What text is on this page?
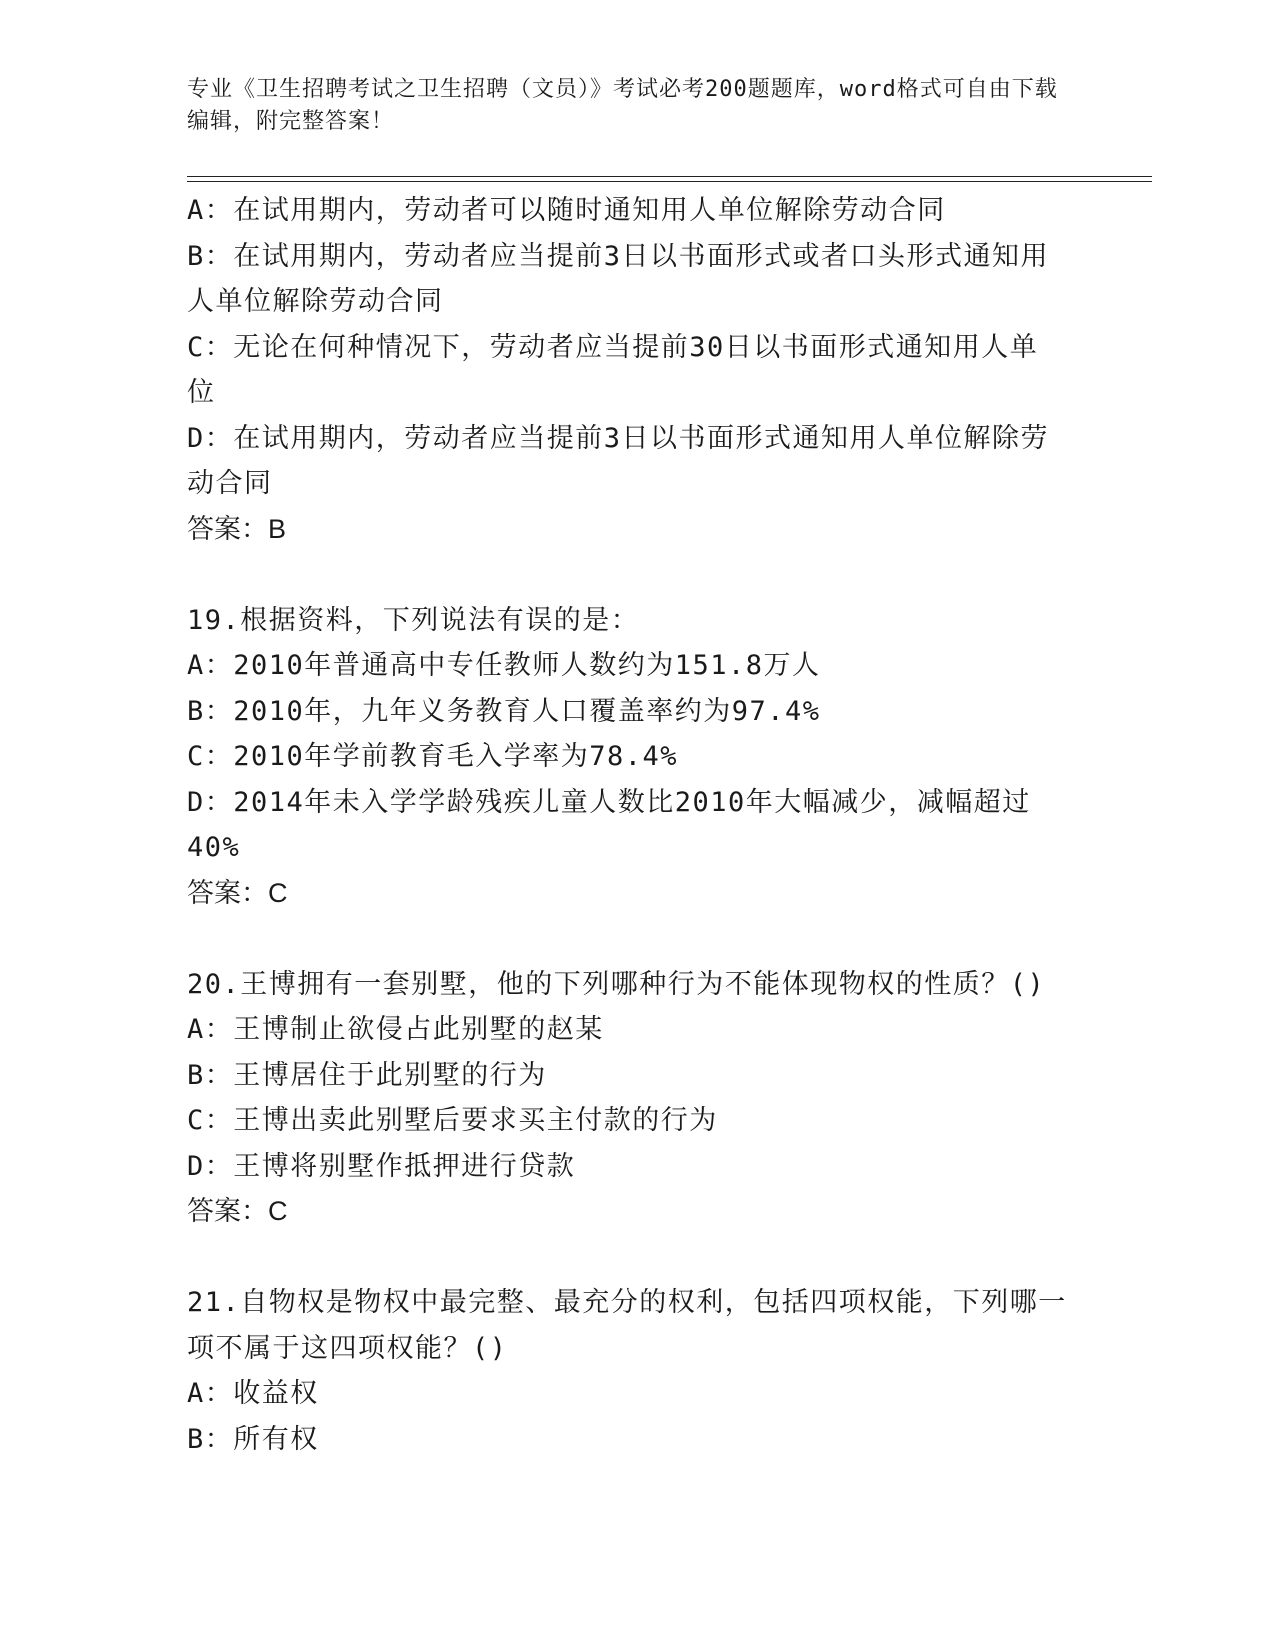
专业《卫生招聘考试之卫生招聘（文员）》考试必考200题题库，word格式可自由下载编辑，附完整答案！
A：在试用期内，劳动者可以随时通知用人单位解除劳动合同
B：在试用期内，劳动者应当提前3日以书面形式或者口头形式通知用
人单位解除劳动合同
C：无论在何种情况下，劳动者应当提前30日以书面形式通知用人单
位
D：在试用期内，劳动者应当提前3日以书面形式通知用人单位解除劳
动合同
答案：B
19.根据资料，下列说法有误的是：
A：2010年普通高中专任教师人数约为151.8万人
B：2010年，九年义务教育人口覆盖率约为97.4%
C：2010年学前教育毛入学率为78.4%
D：2014年未入学学龄残疾儿童人数比2010年大幅减少，减幅超过
40%
答案：C
20.王博拥有一套别墅，他的下列哪种行为不能体现物权的性质？()
A：王博制止欲侵占此别墅的赵某
B：王博居住于此别墅的行为
C：王博出卖此别墅后要求买主付款的行为
D：王博将别墅作抵押进行贷款
答案：C
21.自物权是物权中最完整、最充分的权利，包括四项权能，下列哪一
项不属于这四项权能？()
A：收益权
B：所有权
